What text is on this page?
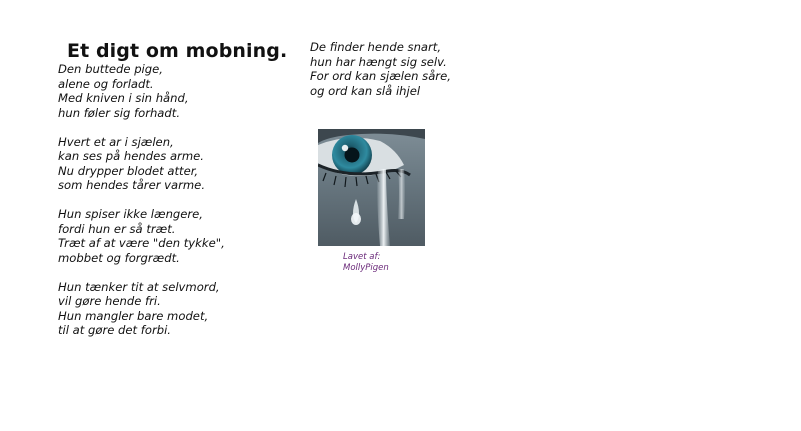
Et digt om mobning.
Den buttede pige,
alene og forladt.
Med kniven i sin hånd,
hun føler sig forhadt.
Hvert et ar i sjælen,
kan ses på hendes arme.
Nu drypper blodet atter,
som hendes tårer varme.
Hun spiser ikke længere,
fordi hun er så træt.
Træt af at være "den tykke",
mobbet og forgrædt.
Hun tænker tit at selvmord,
vil gøre hende fri.
Hun mangler bare modet,
til at gøre det forbi.
De finder hende snart,
hun har hængt sig selv.
For ord kan sjælen såre,
og ord kan slå ihjel
Lavet af:
MollyPigen
